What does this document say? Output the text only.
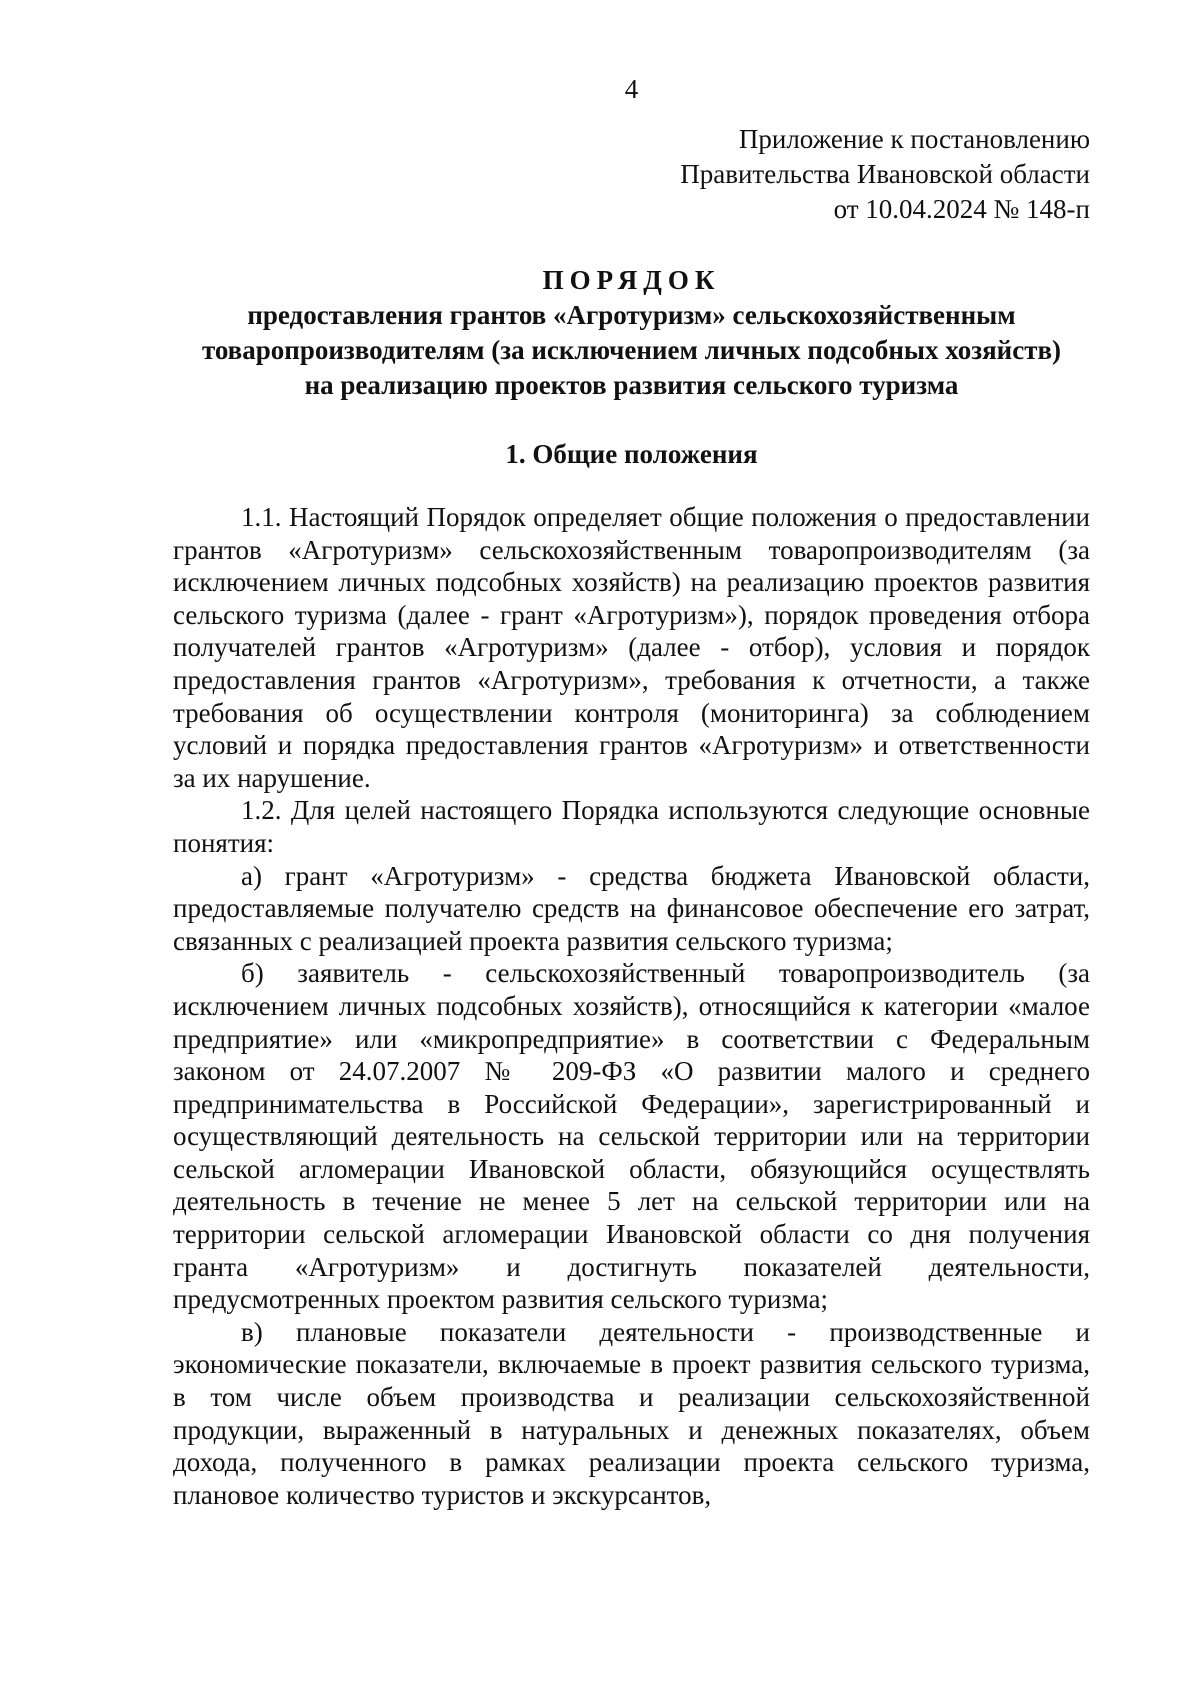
4
Приложение к постановлению
Правительства Ивановской области
от 10.04.2024 № 148-п
ПОРЯДОК
предоставления грантов «Агротуризм» сельскохозяйственным
товаропроизводителям (за исключением личных подсобных хозяйств)
на реализацию проектов развития сельского туризма
1. Общие положения

1.1. Настоящий Порядок определяет общие положения о предоставлении грантов «Агротуризм» сельскохозяйственным товаропроизводителям (за исключением личных подсобных хозяйств) на реализацию проектов развития сельского туризма (далее - грант «Агротуризм»), порядок проведения отбора получателей грантов «Агротуризм» (далее - отбор), условия и порядок предоставления грантов «Агротуризм», требования к отчетности, а также требования об осуществлении контроля (мониторинга) за соблюдением условий и порядка предоставления грантов «Агротуризм» и ответственности за их нарушение.

1.2. Для целей настоящего Порядка используются следующие основные понятия:

а) грант «Агротуризм» - средства бюджета Ивановской области, предоставляемые получателю средств на финансовое обеспечение его затрат, связанных с реализацией проекта развития сельского туризма;

б) заявитель - сельскохозяйственный товаропроизводитель (за исключением личных подсобных хозяйств), относящийся к категории «малое предприятие» или «микропредприятие» в соответствии с Федеральным законом от 24.07.2007 № 209-ФЗ «О развитии малого и среднего предпринимательства в Российской Федерации», зарегистрированный и осуществляющий деятельность на сельской территории или на территории сельской агломерации Ивановской области, обязующийся осуществлять деятельность в течение не менее 5 лет на сельской территории или на территории сельской агломерации Ивановской области со дня получения гранта «Агротуризм» и достигнуть показателей деятельности, предусмотренных проектом развития сельского туризма;

в) плановые показатели деятельности - производственные и экономические показатели, включаемые в проект развития сельского туризма, в том числе объем производства и реализации сельскохозяйственной продукции, выраженный в натуральных и денежных показателях, объем дохода, полученного в рамках реализации проекта сельского туризма, плановое количество туристов и экскурсантов,
